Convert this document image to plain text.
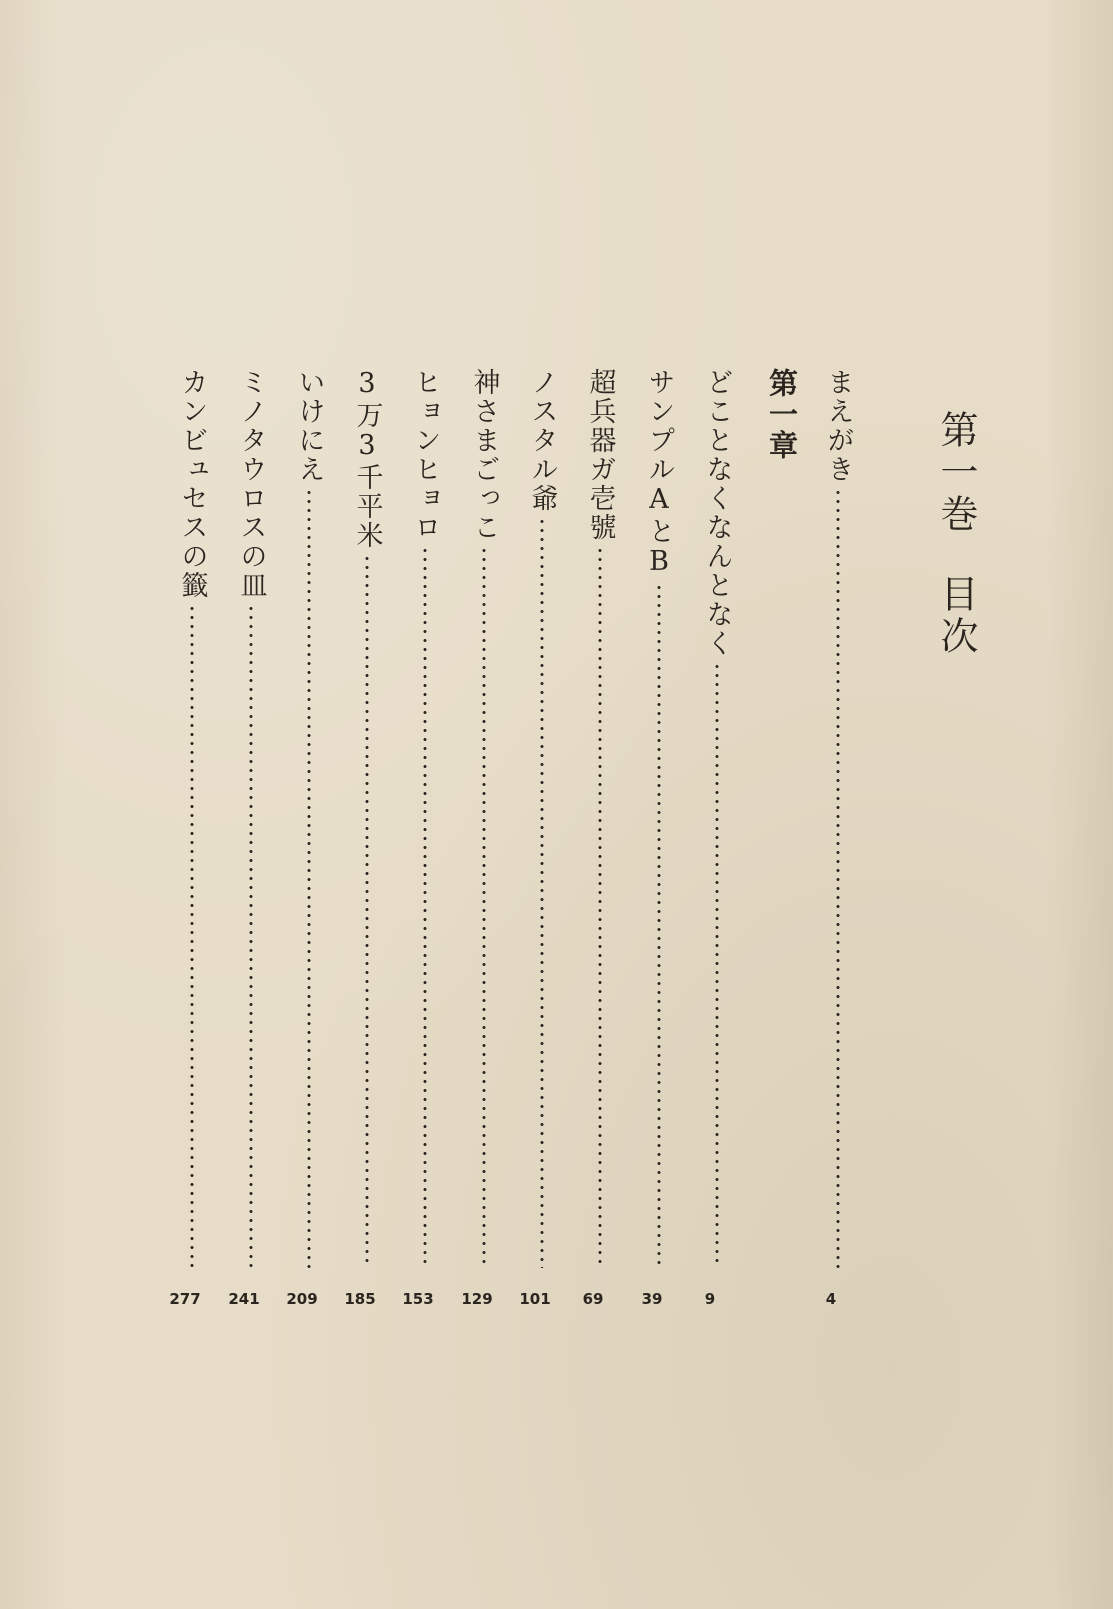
第一巻目次
第一章 まえがき
どことなくなんとなく
サンプルAとB
超兵器ガ壱號
ノスタル爺
神さまごっこ
ヒョンヒョロ
3万3千平米
いけにえ
ミノタウロスの皿
カンビュセスの籤
4
9
39
69
101
129
153
185
209
241
277
